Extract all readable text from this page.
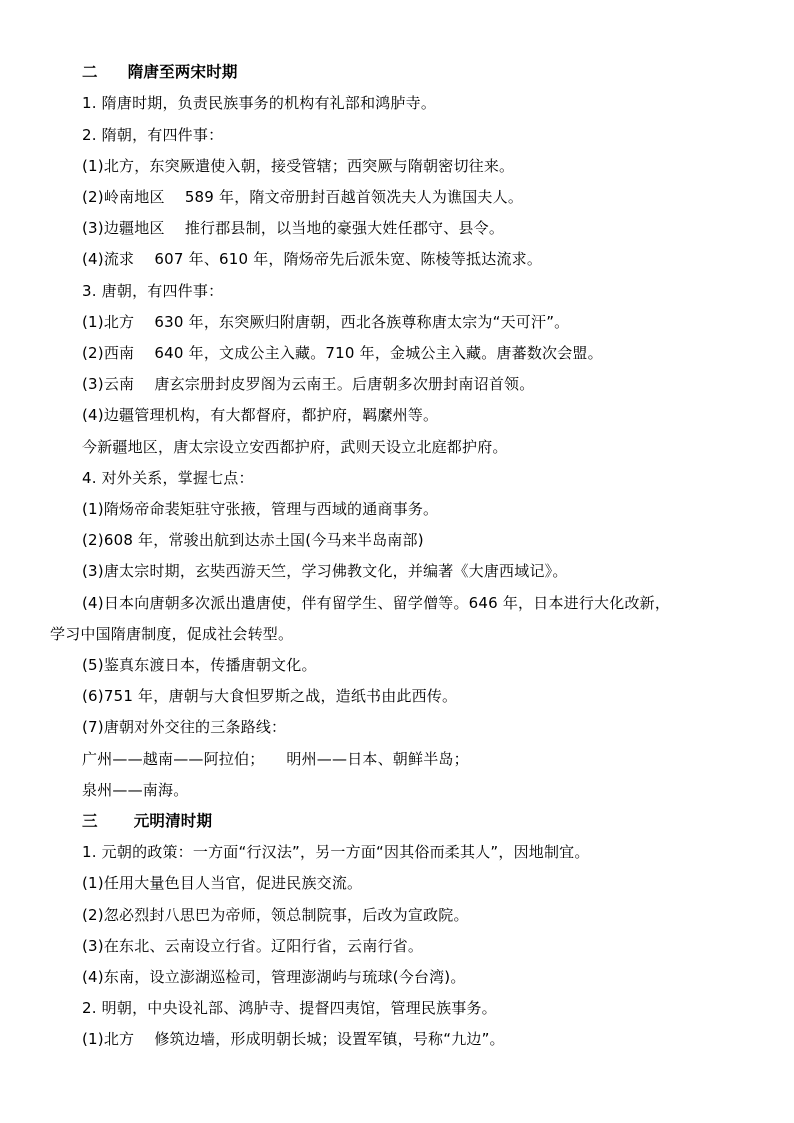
二 隋唐至两宋时期
1. 隋唐时期，负责民族事务的机构有礼部和鸿胪寺。
2. 隋朝，有四件事：
(1)北方，东突厥遣使入朝，接受管辖；西突厥与隋朝密切往来。
(2)岭南地区　 589 年，隋文帝册封百越首领冼夫人为谯国夫人。
(3)边疆地区　 推行郡县制，以当地的豪强大姓任郡守、县令。
(4)流求　 607 年、610 年，隋炀帝先后派朱宽、陈棱等抵达流求。
3. 唐朝，有四件事：
(1)北方　 630 年，东突厥归附唐朝，西北各族尊称唐太宗为“天可汗”。
(2)西南　 640 年，文成公主入藏。710 年，金城公主入藏。唐蕃数次会盟。
(3)云南　 唐玄宗册封皮罗阁为云南王。后唐朝多次册封南诏首领。
(4)边疆管理机构，有大都督府，都护府，羁縻州等。
今新疆地区，唐太宗设立安西都护府，武则天设立北庭都护府。
4. 对外关系，掌握七点：
(1)隋炀帝命裴矩驻守张掖，管理与西域的通商事务。
(2)608 年，常骏出航到达赤土国(今马来半岛南部)
(3)唐太宗时期，玄奘西游天竺，学习佛教文化，并编著《大唐西域记》。
(4)日本向唐朝多次派出遣唐使，伴有留学生、留学僧等。646 年，日本进行大化改新，
学习中国隋唐制度，促成社会转型。
(5)鉴真东渡日本，传播唐朝文化。
(6)751 年，唐朝与大食怛罗斯之战，造纸书由此西传。
(7)唐朝对外交往的三条路线：
广州——越南——阿拉伯； 明州——日本、朝鲜半岛；
泉州——南海。
三 元明清时期
1. 元朝的政策：一方面“行汉法”，另一方面“因其俗而柔其人”，因地制宜。
(1)任用大量色目人当官，促进民族交流。
(2)忽必烈封八思巴为帝师，领总制院事，后改为宣政院。
(3)在东北、云南设立行省。辽阳行省，云南行省。
(4)东南，设立澎湖巡检司，管理澎湖屿与琉球(今台湾)。
2. 明朝，中央设礼部、鸿胪寺、提督四夷馆，管理民族事务。
(1)北方　 修筑边墙，形成明朝长城；设置军镇，号称“九边”。
